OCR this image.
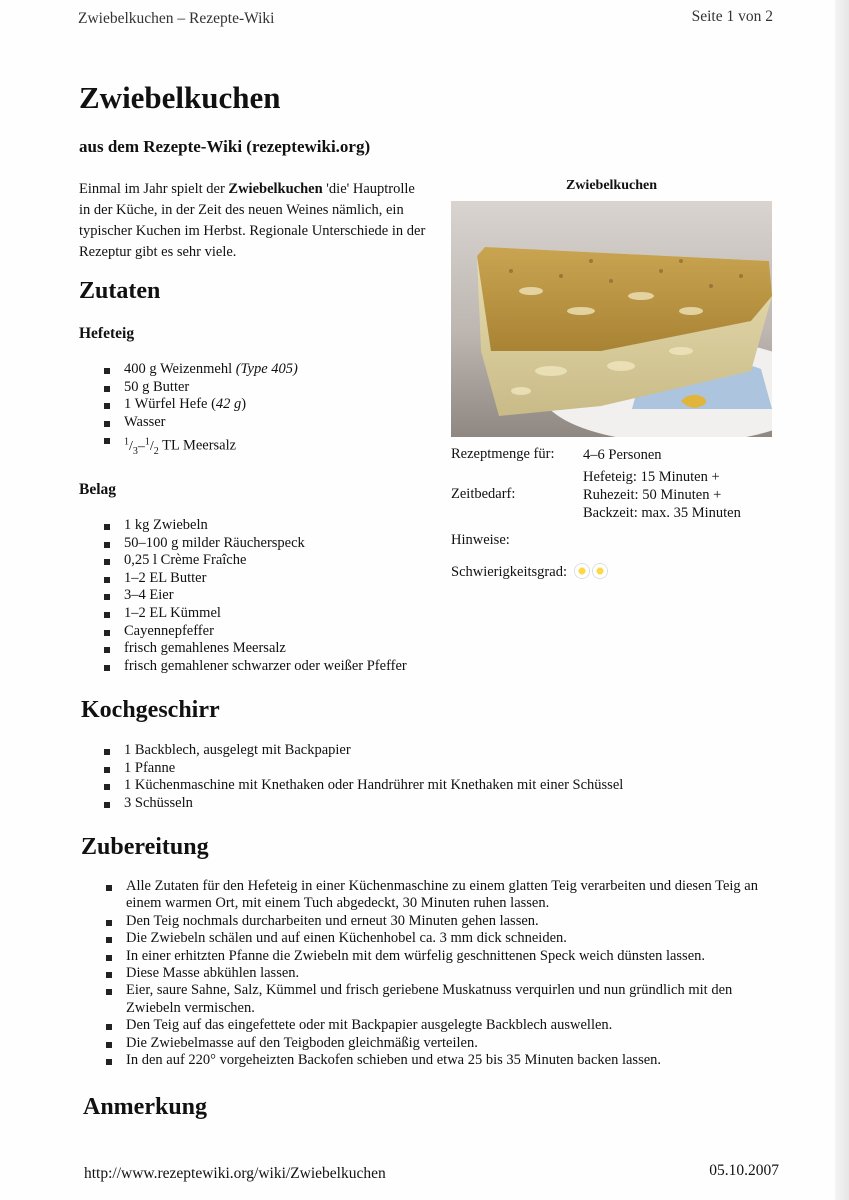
Zwiebelkuchen – Rezepte-Wiki	Seite 1 von 2
Zwiebelkuchen
aus dem Rezepte-Wiki (rezeptewiki.org)
Einmal im Jahr spielt der Zwiebelkuchen 'die' Hauptrolle in der Küche, in der Zeit des neuen Weines nämlich, ein typischer Kuchen im Herbst. Regionale Unterschiede in der Rezeptur gibt es sehr viele.
Zwiebelkuchen
Rezeptmenge für: 4–6 Personen
Zeitbedarf:
Hefeteig: 15 Minuten +
Ruhezeit: 50 Minuten +
Backzeit: max. 35 Minuten
Hinweise:
Schwierigkeitsgrad:
Zutaten
Hefeteig
400 g Weizenmehl (Type 405)
50 g Butter
1 Würfel Hefe (42 g)
Wasser
$^1/_3-^1/_2$ TL Meersalz
Belag
1 kg Zwiebeln
50–100 g milder Räucherspeck
0,25 l Crème Fraîche
1–2 EL Butter
3–4 Eier
1–2 EL Kümmel
Cayennepfeffer
frisch gemahlenes Meersalz
frisch gemahlener schwarzer oder weißer Pfeffer
Kochgeschirr
1 Backblech, ausgelegt mit Backpapier
1 Pfanne
1 Küchenmaschine mit Knethaken oder Handrührer mit Knethaken mit einer Schüssel
3 Schüsseln
Zubereitung
Alle Zutaten für den Hefeteig in einer Küchenmaschine zu einem glatten Teig verarbeiten und diesen Teig an einem warmen Ort, mit einem Tuch abgedeckt, 30 Minuten ruhen lassen.
Den Teig nochmals durcharbeiten und erneut 30 Minuten gehen lassen.
Die Zwiebeln schälen und auf einen Küchenhobel ca. 3 mm dick schneiden.
In einer erhitzten Pfanne die Zwiebeln mit dem würfelig geschnittenen Speck weich dünsten lassen.
Diese Masse abkühlen lassen.
Eier, saure Sahne, Salz, Kümmel und frisch geriebene Muskatnuss verquirlen und nun gründlich mit den Zwiebeln vermischen.
Den Teig auf das eingefettete oder mit Backpapier ausgelegte Backblech auswellen.
Die Zwiebelmasse auf den Teigboden gleichmäßig verteilen.
In den auf 220° vorgeheizten Backofen schieben und etwa 25 bis 35 Minuten backen lassen.
Anmerkung
http://www.rezeptewiki.org/wiki/Zwiebelkuchen	05.10.2007
